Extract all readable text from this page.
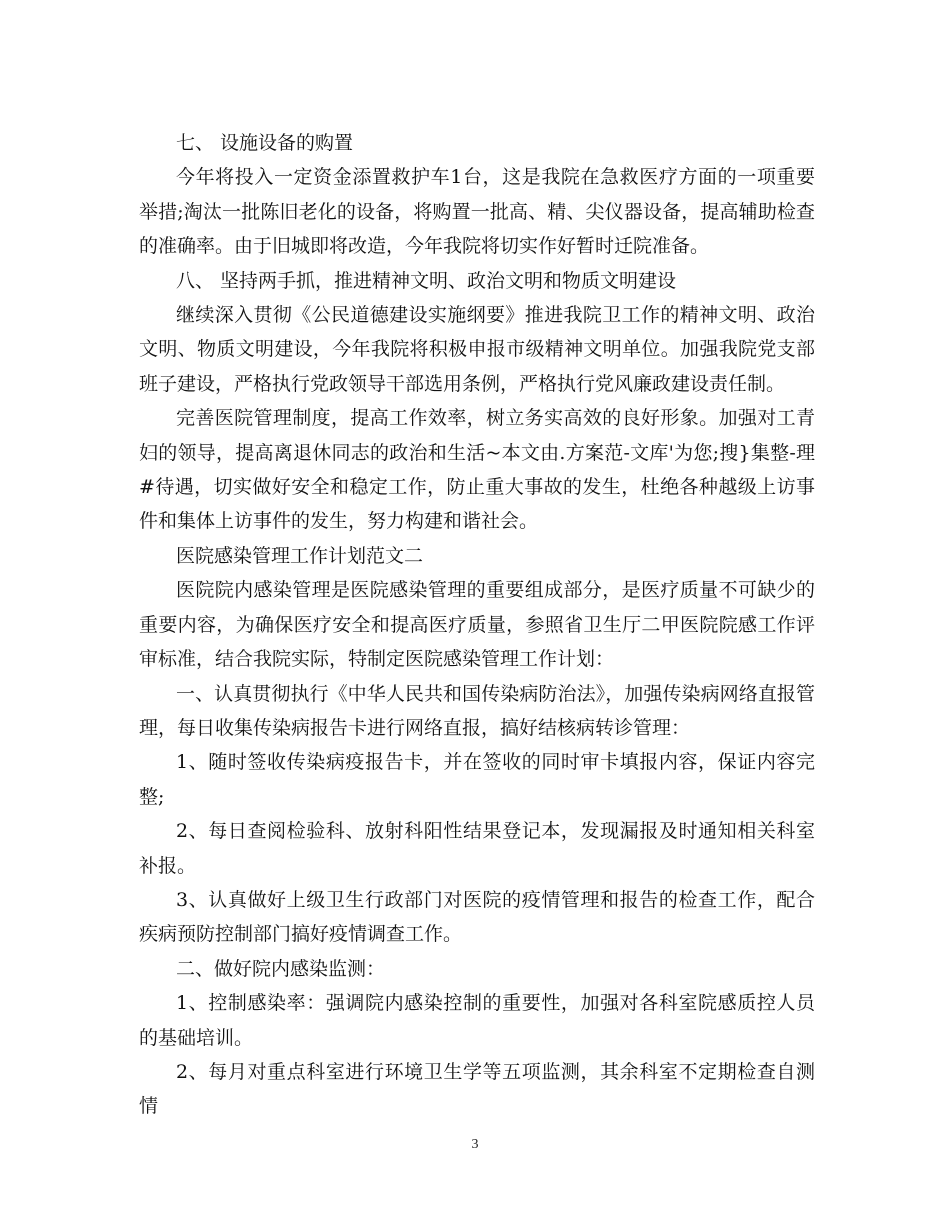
七、 设施设备的购置

今年将投入一定资金添置救护车1台，这是我院在急救医疗方面的一项重要举措;淘汰一批陈旧老化的设备，将购置一批高、精、尖仪器设备，提高辅助检查的准确率。由于旧城即将改造，今年我院将切实作好暂时迁院准备。

八、 坚持两手抓，推进精神文明、政治文明和物质文明建设

继续深入贯彻《公民道德建设实施纲要》推进我院卫工作的精神文明、政治文明、物质文明建设，今年我院将积极申报市级精神文明单位。加强我院党支部班子建设，严格执行党政领导干部选用条例，严格执行党风廉政建设责任制。

完善医院管理制度，提高工作效率，树立务实高效的良好形象。加强对工青妇的领导，提高离退休同志的政治和生活~本文由.方案范-文库'为您;搜}集整-理#待遇，切实做好安全和稳定工作，防止重大事故的发生，杜绝各种越级上访事件和集体上访事件的发生，努力构建和谐社会。

医院感染管理工作计划范文二

医院院内感染管理是医院感染管理的重要组成部分，是医疗质量不可缺少的重要内容，为确保医疗安全和提高医疗质量，参照省卫生厅二甲医院院感工作评审标准，结合我院实际，特制定医院感染管理工作计划：

一、认真贯彻执行《中华人民共和国传染病防治法》，加强传染病网络直报管理，每日收集传染病报告卡进行网络直报，搞好结核病转诊管理：

1、随时签收传染病疫报告卡，并在签收的同时审卡填报内容，保证内容完整;

2、每日查阅检验科、放射科阳性结果登记本，发现漏报及时通知相关科室补报。

3、认真做好上级卫生行政部门对医院的疫情管理和报告的检查工作，配合疾病预防控制部门搞好疫情调查工作。

二、做好院内感染监测：

1、控制感染率：强调院内感染控制的重要性，加强对各科室院感质控人员的基础培训。

2、每月对重点科室进行环境卫生学等五项监测，其余科室不定期检查自测情

3
